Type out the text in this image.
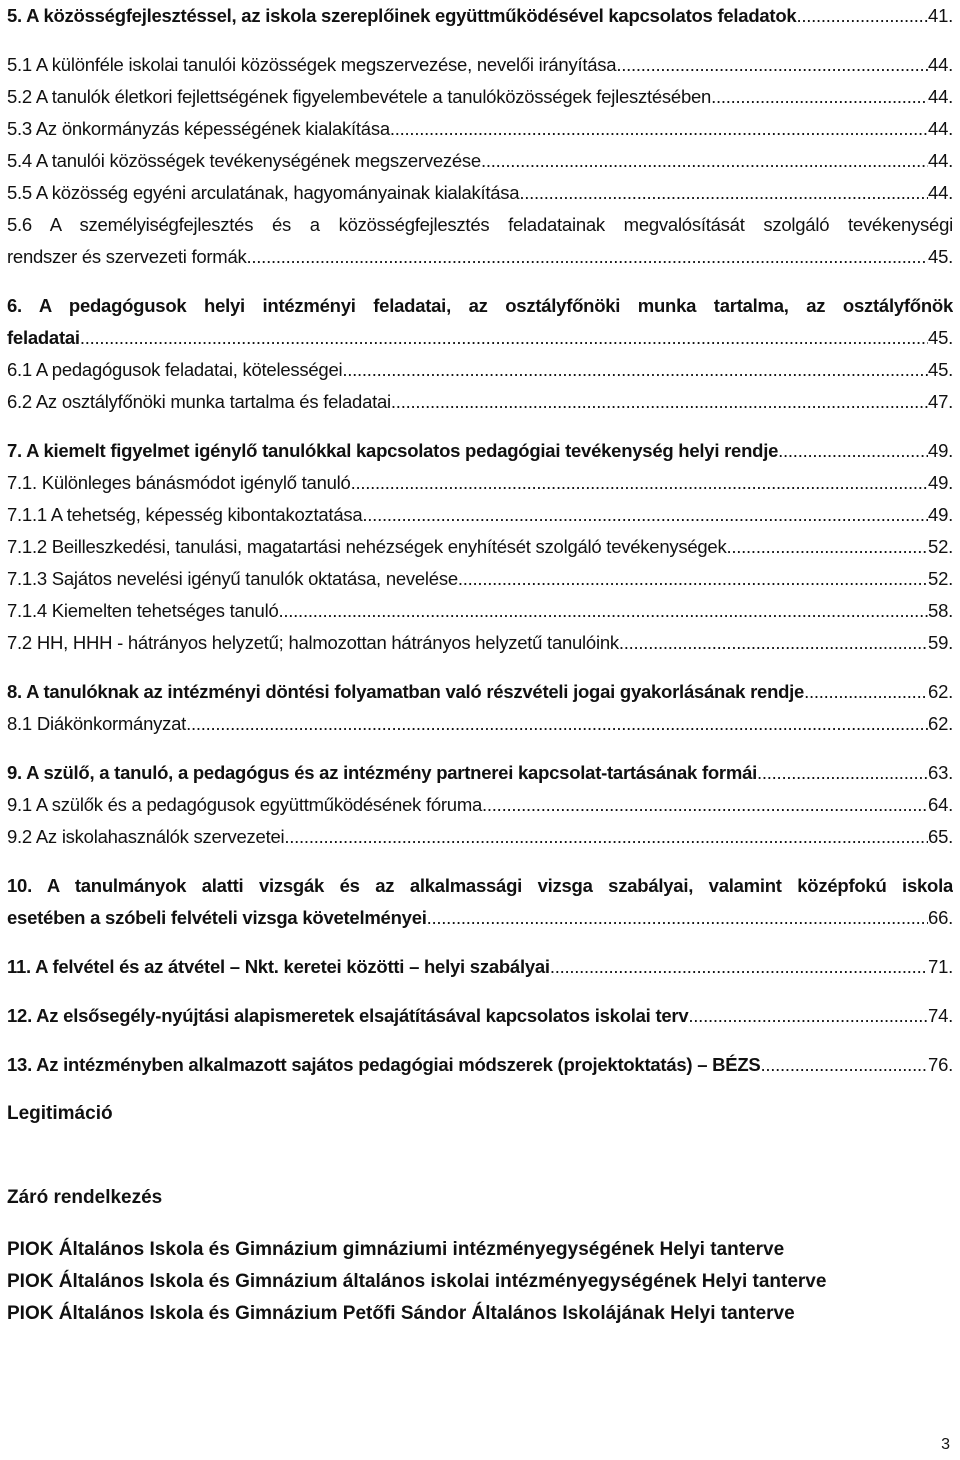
5. A közösségfejlesztéssel, az iskola szereplőinek együttműködésével kapcsolatos feladatok .....	41.
5.1 A különféle iskolai tanulói közösségek megszervezése, nevelői irányítása .....	44.
5.2 A tanulók életkori fejlettségének figyelembevétele a tanulóközösségek fejlesztésében .....	44.
5.3 Az önkormányzás képességének kialakítása .....	44.
5.4 A tanulói közösségek tevékenységének megszervezése .....	44.
5.5 A közösség egyéni arculatának, hagyományainak kialakítása .....	44.
5.6 A személyiségfejlesztés és a közösségfejlesztés feladatainak megvalósítását szolgáló tevékenységi
rendszer és szervezeti formák .....	45.
6. A pedagógusok helyi intézményi feladatai, az osztályfőnöki munka tartalma, az osztályfőnök
feladatai .....	45.
6.1 A pedagógusok feladatai, kötelességei .....	45.
6.2 Az osztályfőnöki munka tartalma és feladatai .....	47.
7. A kiemelt figyelmet igénylő tanulókkal kapcsolatos pedagógiai tevékenység helyi rendje .....	49.
7.1. Különleges bánásmódot igénylő tanuló .....	49.
7.1.1 A tehetség, képesség kibontakoztatása .....	49.
7.1.2 Beilleszkedési, tanulási, magatartási nehézségek enyhítését szolgáló tevékenységek .....	52.
7.1.3 Sajátos nevelési igényű tanulók oktatása, nevelése .....	52.
7.1.4 Kiemelten tehetséges tanuló .....	58.
7.2 HH, HHH - hátrányos helyzetű; halmozottan hátrányos helyzetű tanulóink .....	59.
8. A tanulóknak az intézményi döntési folyamatban való részvételi jogai gyakorlásának rendje .....	62.
8.1 Diákönkormányzat .....	62.
9. A szülő, a tanuló, a pedagógus és az intézmény partnerei kapcsolat-tartásának formái .....	63.
9.1 A szülők és a pedagógusok együttműködésének fóruma .....	64.
9.2 Az iskolahasználók szervezetei .....	65.
10. A tanulmányok alatti vizsgák és az alkalmassági vizsga szabályai, valamint középfokú iskola
esetében a szóbeli felvételi vizsga követelményei .....	66.
11. A felvétel és az átvétel – Nkt. keretei közötti – helyi szabályai .....	71.
12. Az elsősegély-nyújtási alapismeretek elsajátításával kapcsolatos iskolai terv .....	74.
13. Az intézményben alkalmazott sajátos pedagógiai módszerek (projektoktatás) – BÉZS .....	76.
Legitimáció
Záró rendelkezés
PIOK Általános Iskola és Gimnázium gimnáziumi intézményegységének Helyi tanterve
PIOK Általános Iskola és Gimnázium általános iskolai intézményegységének Helyi tanterve
PIOK Általános Iskola és Gimnázium Petőfi Sándor Általános Iskolájának Helyi tanterve
3
